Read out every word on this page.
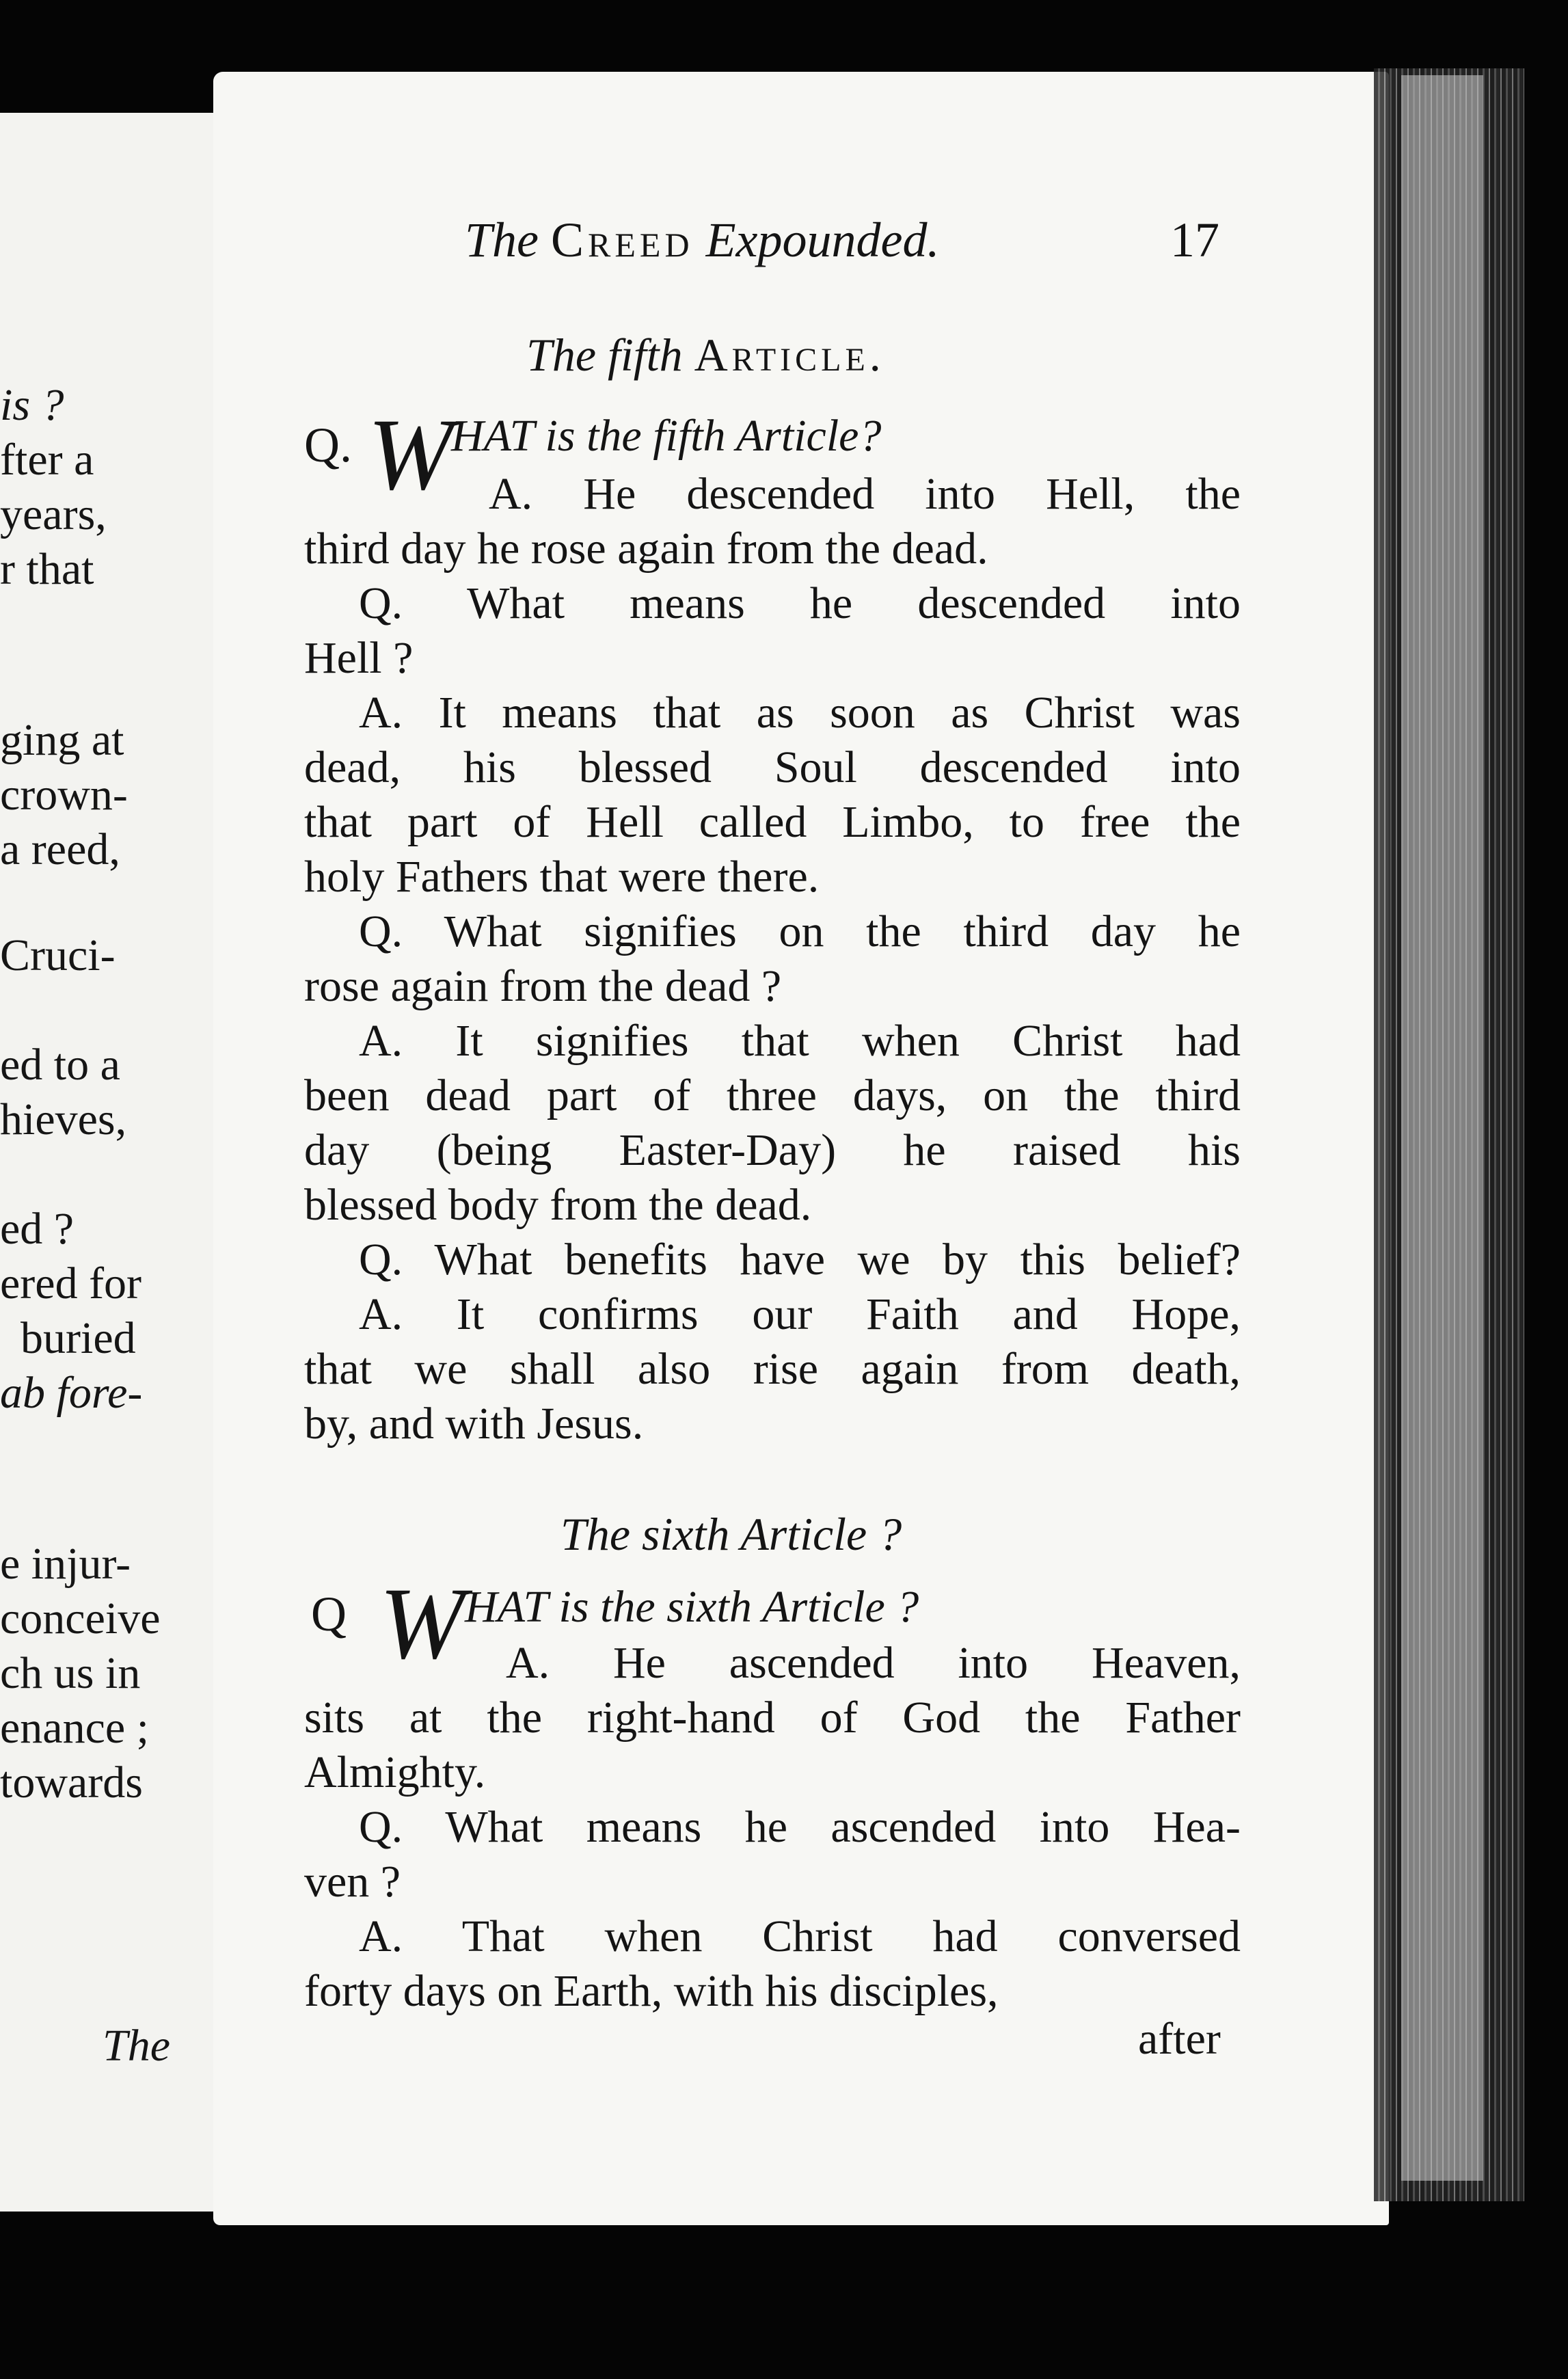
is ?
fter a
years,
r that
ging at
crown-
a reed,
Cruci-
ed to a
hieves,
ed ?
ered for
buried
ab fore-
e injur-
conceive
ch us in
enance ;
towards
The
The Creed Expounded.	17
The fifth Article.
Q. W
HAT is the fifth Article?
A. He descended into Hell, the
third day he rose again from the dead.
Q. What means he descended into
Hell ?
A. It means that as soon as Christ was
dead, his blessed Soul descended into
that part of Hell called Limbo, to free the
holy Fathers that were there.
Q. What signifies on the third day he
rose again from the dead ?
A. It signifies that when Christ had
been dead part of three days, on the third
day (being Easter-Day) he raised his
blessed body from the dead.
Q. What benefits have we by this belief?
A. It confirms our Faith and Hope,
that we shall also rise again from death,
by, and with Jesus.
The sixth Article ?
Q W HAT is the sixth Article ?
A. He ascended into Heaven,
sits at the right-hand of God the Father
Almighty.
Q. What means he ascended into Hea-
ven ?
A. That when Christ had conversed
forty days on Earth, with his disciples,
after
